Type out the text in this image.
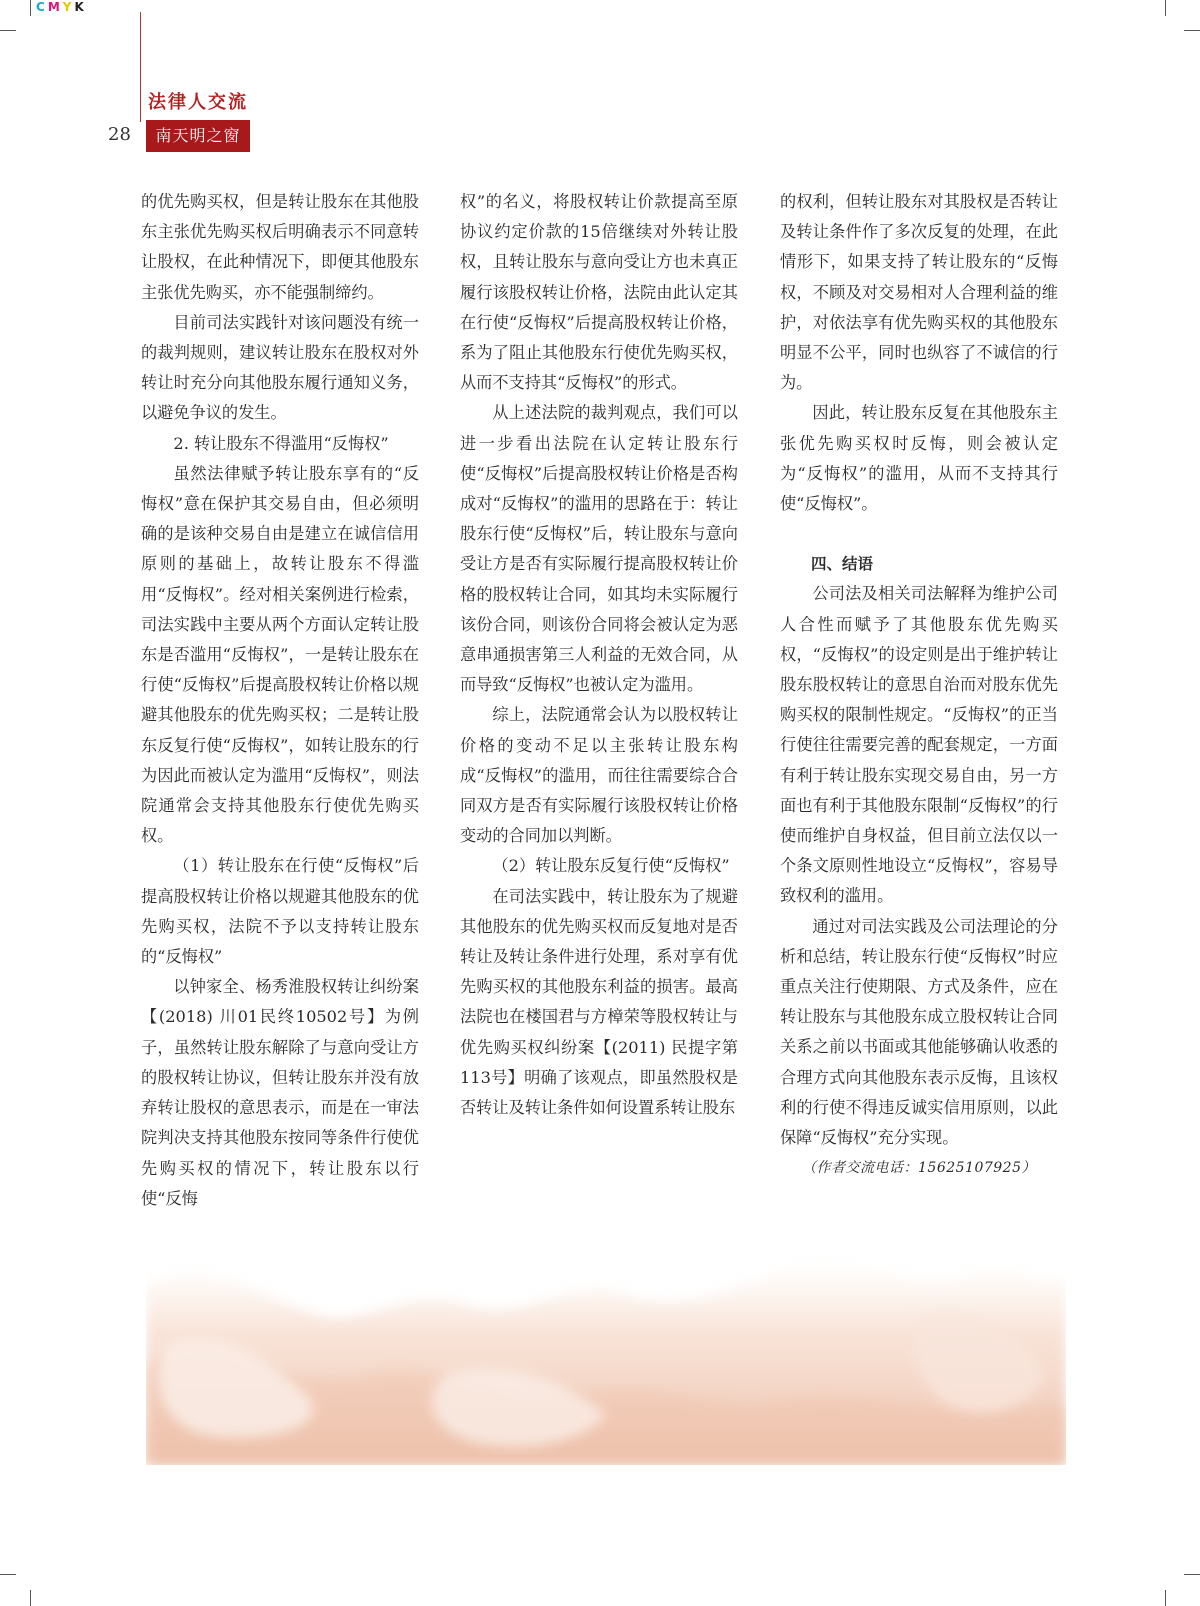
CMYK
法律人交流
28	南天明之窗

的优先购买权，但是转让股东在其他股东主张优先购买权后明确表示不同意转让股权，在此种情况下，即便其他股东主张优先购买，亦不能强制缔约。

目前司法实践针对该问题没有统一的裁判规则，建议转让股东在股权对外转让时充分向其他股东履行通知义务，以避免争议的发生。

2. 转让股东不得滥用“反悔权”

虽然法律赋予转让股东享有的“反悔权”意在保护其交易自由，但必须明确的是该种交易自由是建立在诚信信用原则的基础上，故转让股东不得滥用“反悔权”。经对相关案例进行检索，司法实践中主要从两个方面认定转让股东是否滥用“反悔权”，一是转让股东在行使“反悔权”后提高股权转让价格以规避其他股东的优先购买权；二是转让股东反复行使“反悔权”，如转让股东的行为因此而被认定为滥用“反悔权”，则法院通常会支持其他股东行使优先购买权。

（1）转让股东在行使“反悔权”后提高股权转让价格以规避其他股东的优先购买权，法院不予以支持转让股东的“反悔权”

以钟家全、杨秀淮股权转让纠纷案【(2018) 川01民终10502号】为例子，虽然转让股东解除了与意向受让方的股权转让协议，但转让股东并没有放弃转让股权的意思表示，而是在一审法院判决支持其他股东按同等条件行使优先购买权的情况下，转让股东以行使“反悔

权”的名义，将股权转让价款提高至原协议约定价款的15倍继续对外转让股权，且转让股东与意向受让方也未真正履行该股权转让价格，法院由此认定其在行使“反悔权”后提高股权转让价格，系为了阻止其他股东行使优先购买权，从而不支持其“反悔权”的形式。

从上述法院的裁判观点，我们可以进一步看出法院在认定转让股东行使“反悔权”后提高股权转让价格是否构成对“反悔权”的滥用的思路在于：转让股东行使“反悔权”后，转让股东与意向受让方是否有实际履行提高股权转让价格的股权转让合同，如其均未实际履行该份合同，则该份合同将会被认定为恶意串通损害第三人利益的无效合同，从而导致“反悔权”也被认定为滥用。

综上，法院通常会认为以股权转让价格的变动不足以主张转让股东构成“反悔权”的滥用，而往往需要综合合同双方是否有实际履行该股权转让价格变动的合同加以判断。

（2）转让股东反复行使“反悔权”

在司法实践中，转让股东为了规避其他股东的优先购买权而反复地对是否转让及转让条件进行处理，系对享有优先购买权的其他股东利益的损害。最高法院也在楼国君与方樟荣等股权转让与优先购买权纠纷案【(2011) 民提字第113号】明确了该观点，即虽然股权是否转让及转让条件如何设置系转让股东

的权利，但转让股东对其股权是否转让及转让条件作了多次反复的处理，在此情形下，如果支持了转让股东的“反悔权，不顾及对交易相对人合理利益的维护，对依法享有优先购买权的其他股东明显不公平，同时也纵容了不诚信的行为。

因此，转让股东反复在其他股东主张优先购买权时反悔，则会被认定为“反悔权”的滥用，从而不支持其行使“反悔权”。

四、结语

公司法及相关司法解释为维护公司人合性而赋予了其他股东优先购买权，“反悔权”的设定则是出于维护转让股东股权转让的意思自治而对股东优先购买权的限制性规定。“反悔权”的正当行使往往需要完善的配套规定，一方面有利于转让股东实现交易自由，另一方面也有利于其他股东限制“反悔权”的行使而维护自身权益，但目前立法仅以一个条文原则性地设立“反悔权”，容易导致权利的滥用。

通过对司法实践及公司法理论的分析和总结，转让股东行使“反悔权”时应重点关注行使期限、方式及条件，应在转让股东与其他股东成立股权转让合同关系之前以书面或其他能够确认收悉的合理方式向其他股东表示反悔，且该权利的行使不得违反诚实信用原则，以此保障“反悔权”充分实现。

（作者交流电话：15625107925）
